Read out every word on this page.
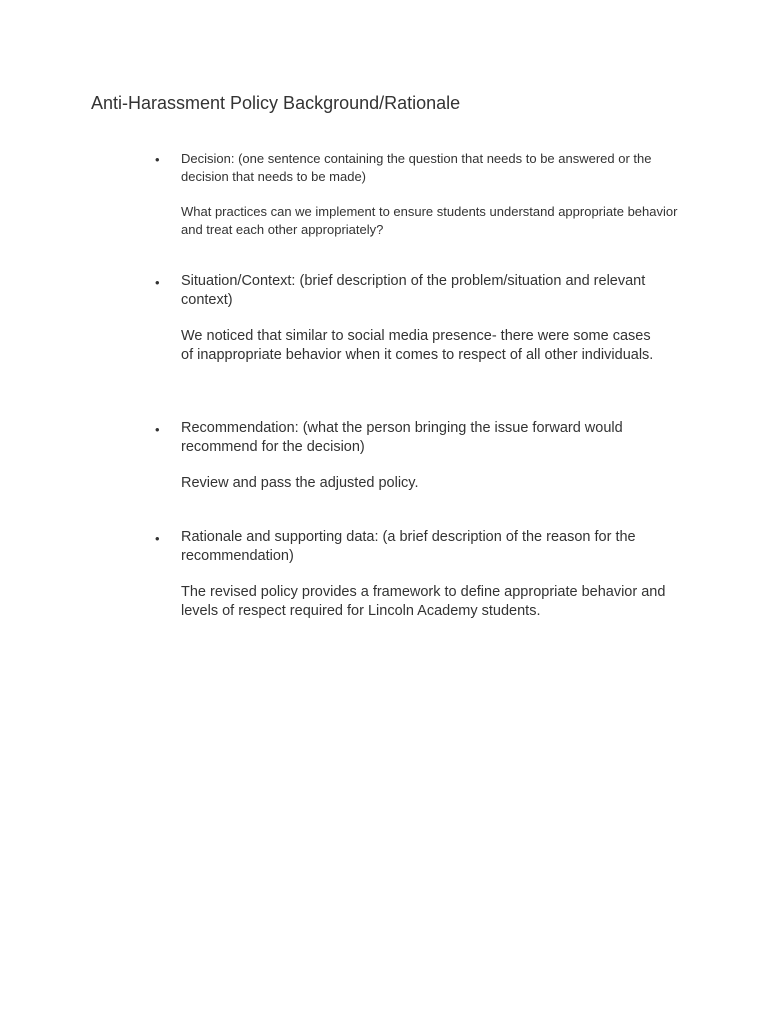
Anti-Harassment Policy Background/Rationale
• Decision: (one sentence containing the question that needs to be answered or the decision that needs to be made)

What practices can we implement to ensure students understand appropriate behavior and treat each other appropriately?

• Situation/Context: (brief description of the problem/situation and relevant context)

We noticed that similar to social media presence- there were some cases of inappropriate behavior when it comes to respect of all other individuals.

• Recommendation: (what the person bringing the issue forward would recommend for the decision)

Review and pass the adjusted policy.

• Rationale and supporting data: (a brief description of the reason for the recommendation)

The revised policy provides a framework to define appropriate behavior and levels of respect required for Lincoln Academy students.
